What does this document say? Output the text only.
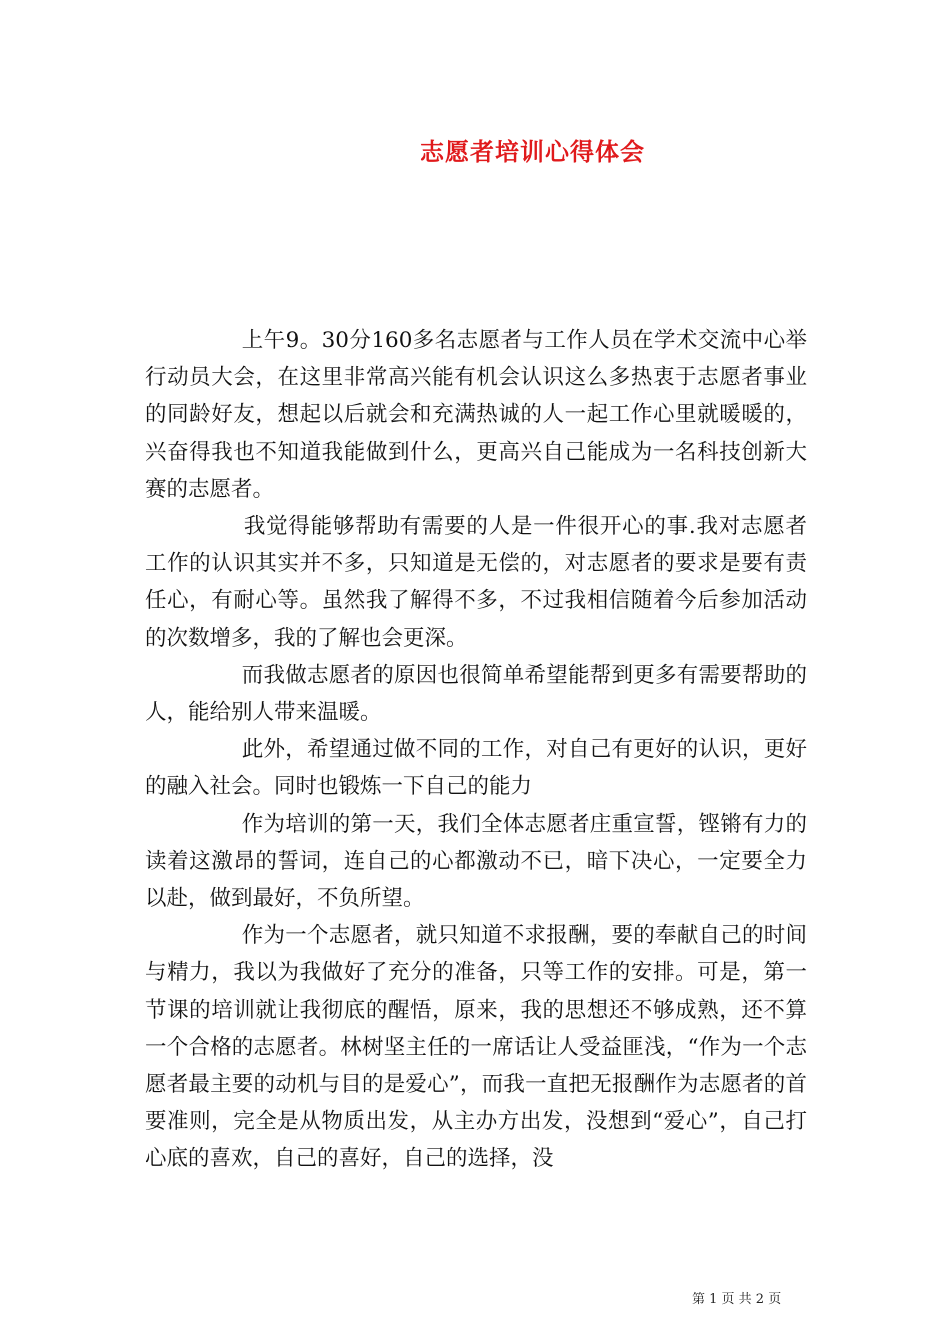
志愿者培训心得体会

上午9。30分160多名志愿者与工作人员在学术交流中心举行动员大会，在这里非常高兴能有机会认识这么多热衷于志愿者事业的同龄好友，想起以后就会和充满热诚的人一起工作心里就暖暖的，兴奋得我也不知道我能做到什么，更高兴自己能成为一名科技创新大赛的志愿者。

我觉得能够帮助有需要的人是一件很开心的事.我对志愿者工作的认识其实并不多，只知道是无偿的，对志愿者的要求是要有责任心，有耐心等。虽然我了解得不多，不过我相信随着今后参加活动的次数增多，我的了解也会更深。

而我做志愿者的原因也很简单希望能帮到更多有需要帮助的人，能给别人带来温暖。

此外，希望通过做不同的工作，对自己有更好的认识，更好的融入社会。同时也锻炼一下自己的能力

作为培训的第一天，我们全体志愿者庄重宣誓，铿锵有力的读着这激昂的誓词，连自己的心都激动不已，暗下决心，一定要全力以赴，做到最好，不负所望。

作为一个志愿者，就只知道不求报酬，要的奉献自己的时间与精力，我以为我做好了充分的准备，只等工作的安排。可是，第一节课的培训就让我彻底的醒悟，原来，我的思想还不够成熟，还不算一个合格的志愿者。林树坚主任的一席话让人受益匪浅，“作为一个志愿者最主要的动机与目的是爱心”，而我一直把无报酬作为志愿者的首要准则，完全是从物质出发，从主办方出发，没想到“爱心”，自己打心底的喜欢，自己的喜好，自己的选择，没

第 1 页 共 2 页
